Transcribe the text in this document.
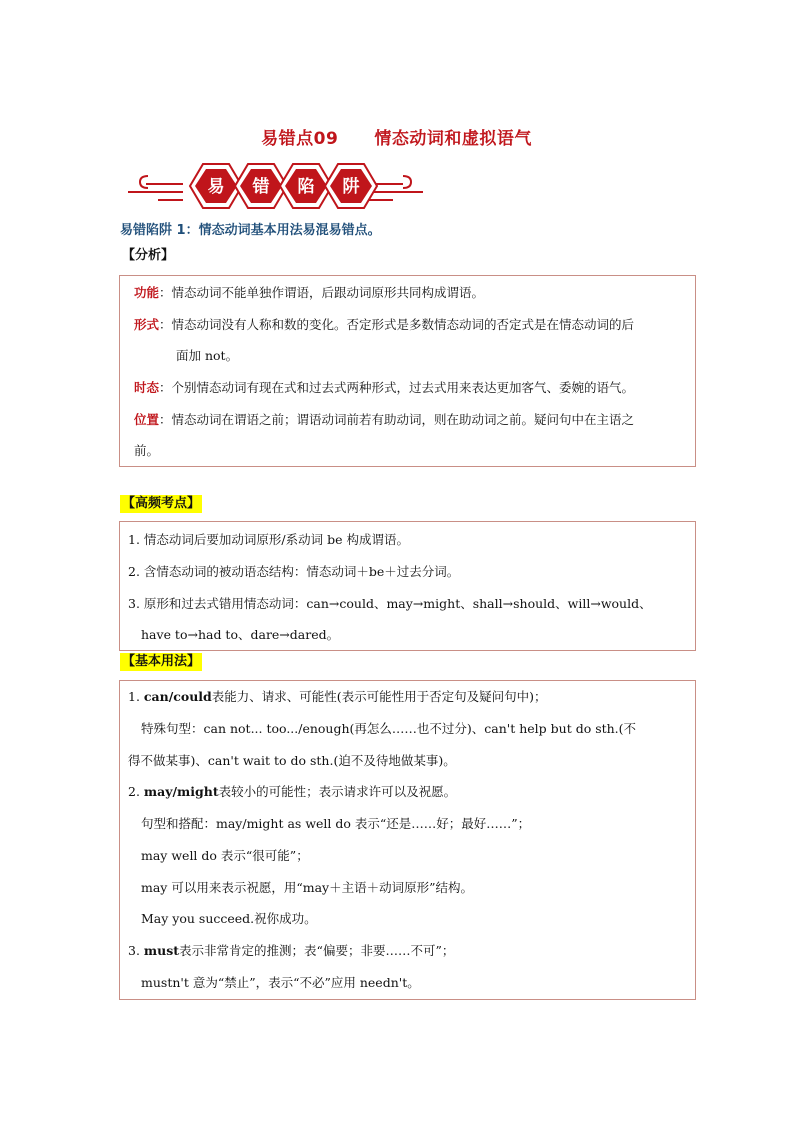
易错点09 情态动词和虚拟语气
易 错 陷 阱
易错陷阱 1：情态动词基本用法易混易错点。
【分析】
功能：情态动词不能单独作谓语，后跟动词原形共同构成谓语。
形式：情态动词没有人称和数的变化。否定形式是多数情态动词的否定式是在情态动词的后
面加 not。
时态：个别情态动词有现在式和过去式两种形式，过去式用来表达更加客气、委婉的语气。
位置：情态动词在谓语之前；谓语动词前若有助动词，则在助动词之前。疑问句中在主语之
前。
【高频考点】
1. 情态动词后要加动词原形/系动词 be 构成谓语。
2. 含情态动词的被动语态结构：情态动词＋be＋过去分词。
3. 原形和过去式错用情态动词：can→could、may→might、shall→should、will→would、
have to→had to、dare→dared。
【基本用法】
1. can/could表能力、请求、可能性(表示可能性用于否定句及疑问句中)；
特殊句型：can not... too.../enough(再怎么……也不过分)、can't help but do sth.(不
得不做某事)、can't wait to do sth.(迫不及待地做某事)。
2. may/might表较小的可能性；表示请求许可以及祝愿。
句型和搭配：may/might as well do 表示“还是……好；最好……”；
may well do 表示“很可能”；
may 可以用来表示祝愿，用“may＋主语＋动词原形”结构。
May you succeed.祝你成功。
3. must表示非常肯定的推测；表“偏要；非要……不可”；
mustn't 意为“禁止”，表示“不必”应用 needn't。
